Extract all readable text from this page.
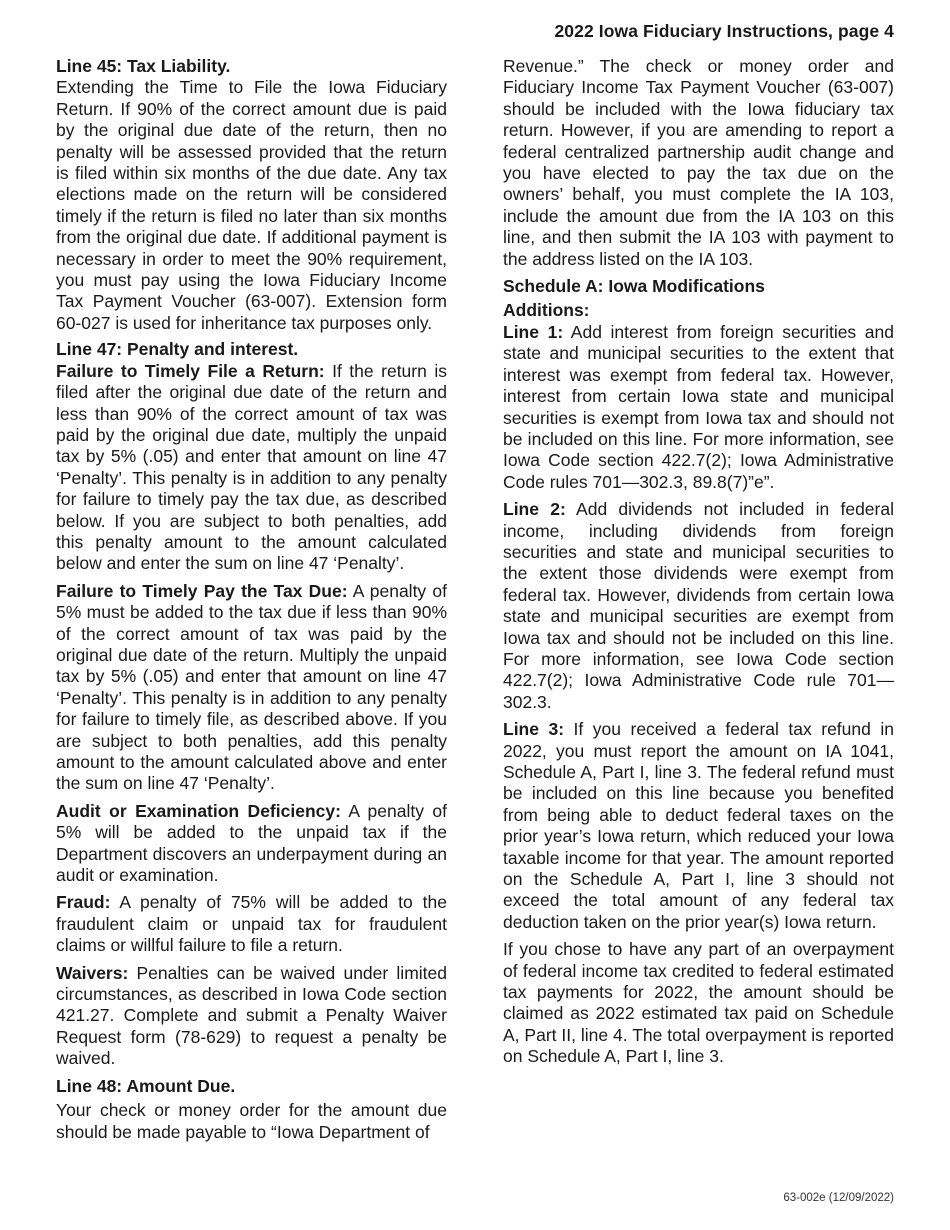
2022 Iowa Fiduciary Instructions, page 4
Line 45: Tax Liability.

Extending the Time to File the Iowa Fiduciary Return. If 90% of the correct amount due is paid by the original due date of the return, then no penalty will be assessed provided that the return is filed within six months of the due date. Any tax elections made on the return will be considered timely if the return is filed no later than six months from the original due date. If additional payment is necessary in order to meet the 90% requirement, you must pay using the Iowa Fiduciary Income Tax Payment Voucher (63-007). Extension form 60-027 is used for inheritance tax purposes only.

Line 47: Penalty and interest.

Failure to Timely File a Return: If the return is filed after the original due date of the return and less than 90% of the correct amount of tax was paid by the original due date, multiply the unpaid tax by 5% (.05) and enter that amount on line 47 ‘Penalty’. This penalty is in addition to any penalty for failure to timely pay the tax due, as described below. If you are subject to both penalties, add this penalty amount to the amount calculated below and enter the sum on line 47 ‘Penalty’.

Failure to Timely Pay the Tax Due: A penalty of 5% must be added to the tax due if less than 90% of the correct amount of tax was paid by the original due date of the return. Multiply the unpaid tax by 5% (.05) and enter that amount on line 47 ‘Penalty’. This penalty is in addition to any penalty for failure to timely file, as described above. If you are subject to both penalties, add this penalty amount to the amount calculated above and enter the sum on line 47 ‘Penalty’.

Audit or Examination Deficiency: A penalty of 5% will be added to the unpaid tax if the Department discovers an underpayment during an audit or examination.

Fraud: A penalty of 75% will be added to the fraudulent claim or unpaid tax for fraudulent claims or willful failure to file a return.

Waivers: Penalties can be waived under limited circumstances, as described in Iowa Code section 421.27. Complete and submit a Penalty Waiver Request form (78-629) to request a penalty be waived.

Line 48: Amount Due.

Your check or money order for the amount due should be made payable to “Iowa Department of

Revenue.” The check or money order and Fiduciary Income Tax Payment Voucher (63-007) should be included with the Iowa fiduciary tax return. However, if you are amending to report a federal centralized partnership audit change and you have elected to pay the tax due on the owners’ behalf, you must complete the IA 103, include the amount due from the IA 103 on this line, and then submit the IA 103 with payment to the address listed on the IA 103.

Schedule A: Iowa Modifications
Additions:

Line 1: Add interest from foreign securities and state and municipal securities to the extent that interest was exempt from federal tax. However, interest from certain Iowa state and municipal securities is exempt from Iowa tax and should not be included on this line. For more information, see Iowa Code section 422.7(2); Iowa Administrative Code rules 701—302.3, 89.8(7)”e”.

Line 2: Add dividends not included in federal income, including dividends from foreign securities and state and municipal securities to the extent those dividends were exempt from federal tax. However, dividends from certain Iowa state and municipal securities are exempt from Iowa tax and should not be included on this line. For more information, see Iowa Code section 422.7(2); Iowa Administrative Code rule 701—302.3.

Line 3: If you received a federal tax refund in 2022, you must report the amount on IA 1041, Schedule A, Part I, line 3. The federal refund must be included on this line because you benefited from being able to deduct federal taxes on the prior year’s Iowa return, which reduced your Iowa taxable income for that year. The amount reported on the Schedule A, Part I, line 3 should not exceed the total amount of any federal tax deduction taken on the prior year(s) Iowa return.

If you chose to have any part of an overpayment of federal income tax credited to federal estimated tax payments for 2022, the amount should be claimed as 2022 estimated tax paid on Schedule A, Part II, line 4. The total overpayment is reported on Schedule A, Part I, line 3.

63-002e (12/09/2022)
